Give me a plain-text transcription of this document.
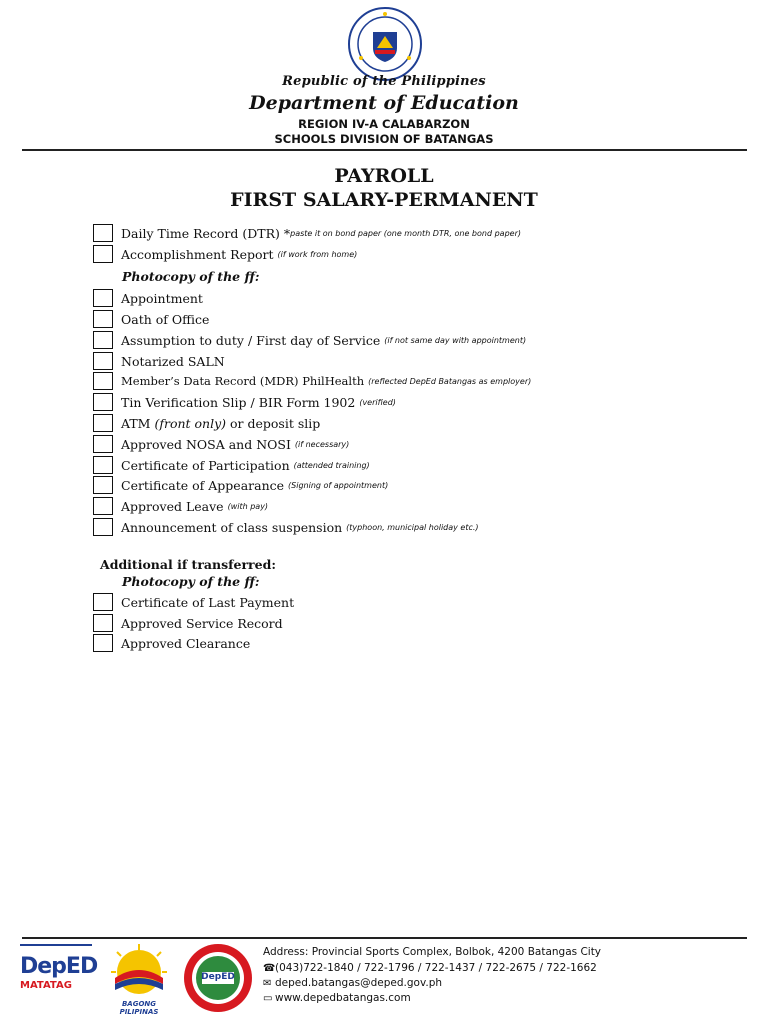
Republic of the Philippines
Department of Education
REGION IV-A CALABARZON
SCHOOLS DIVISION OF BATANGAS
PAYROLL
FIRST SALARY-PERMANENT
Daily Time Record (DTR) * paste it on bond paper (one month DTR, one bond paper)
Accomplishment Report (if work from home)
Photocopy of the ff:
Appointment
Oath of Office
Assumption to duty / First day of Service (if not same day with appointment)
Notarized SALN
Member’s Data Record (MDR) PhilHealth (reflected DepEd Batangas as employer)
Tin Verification Slip / BIR Form 1902 (verified)
ATM (front only) or deposit slip
Approved NOSA and NOSI (if necessary)
Certificate of Participation (attended training)
Certificate of Appearance (Signing of appointment)
Approved Leave (with pay)
Announcement of class suspension (typhoon, municipal holiday etc.)
Additional if transferred:
Photocopy of the ff:
Certificate of Last Payment
Approved Service Record
Approved Clearance
DepED
MATATAG
BAGONG PILIPINAS
DepED
Address: Provincial Sports Complex, Bolbok, 4200 Batangas City
☎(043)722-1840 / 722-1796 / 722-1437 / 722-2675 / 722-1662
✉ deped.batangas@deped.gov.ph
▭ www.depedbatangas.com
